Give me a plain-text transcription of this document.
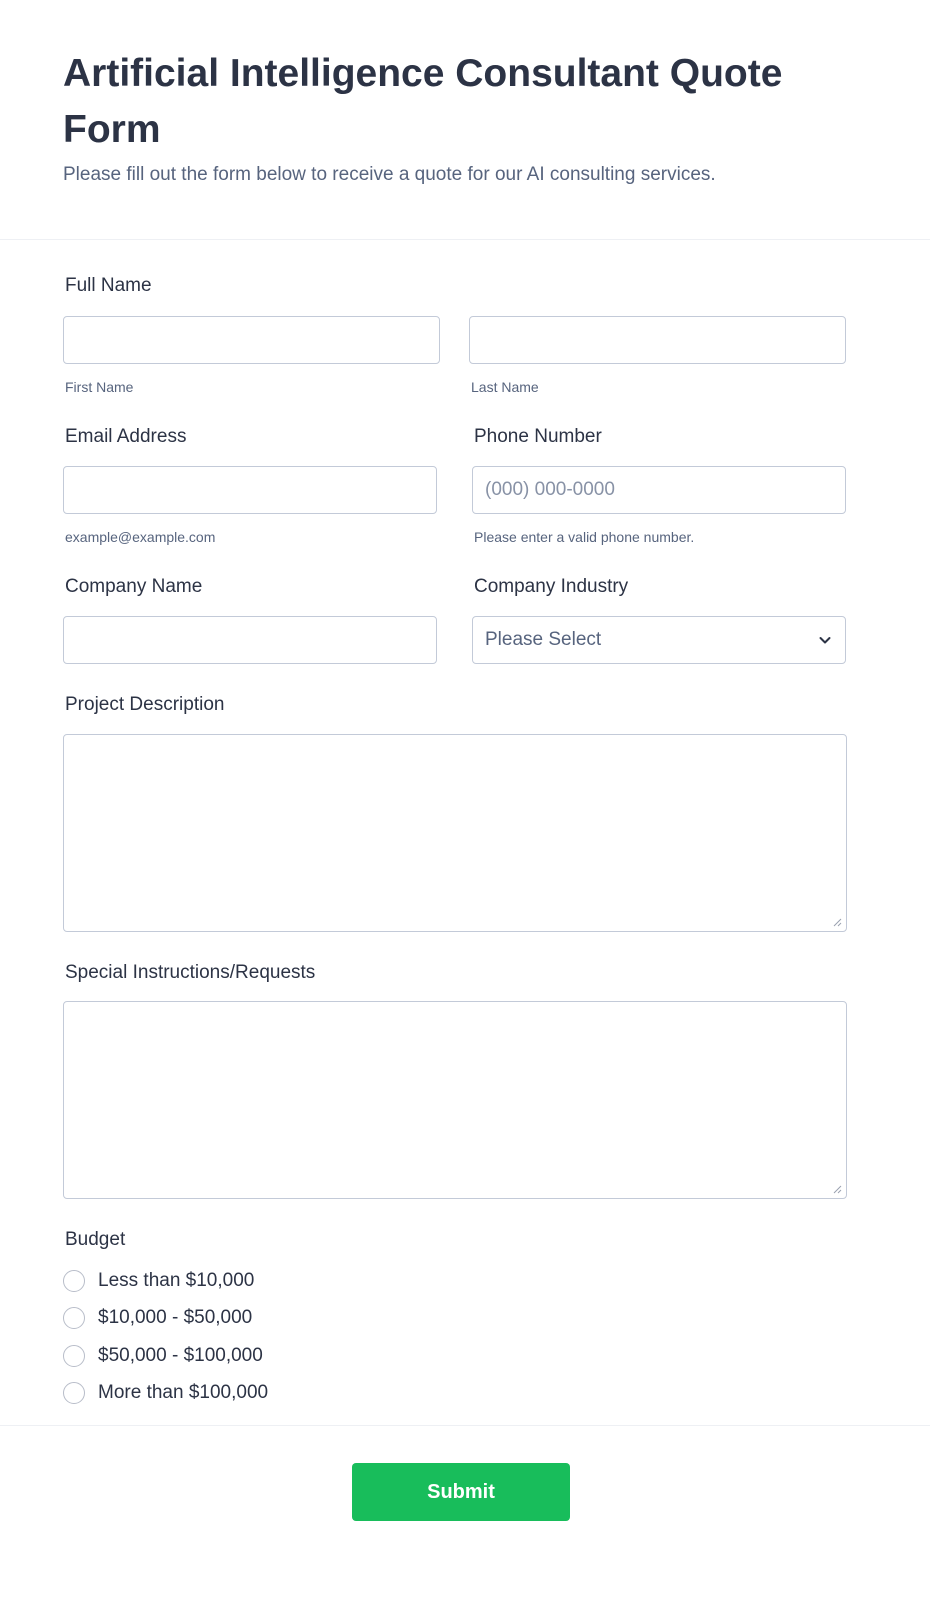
Artificial Intelligence Consultant Quote Form
Please fill out the form below to receive a quote for our AI consulting services.
Full Name
First Name	Last Name
Email Address
example@example.com
Phone Number
(000) 000-0000
Please enter a valid phone number.
Company Name	Company Industry
Please Select
Project Description
Special Instructions/Requests
Budget
Less than $10,000
$10,000 - $50,000
$50,000 - $100,000
More than $100,000
Submit
